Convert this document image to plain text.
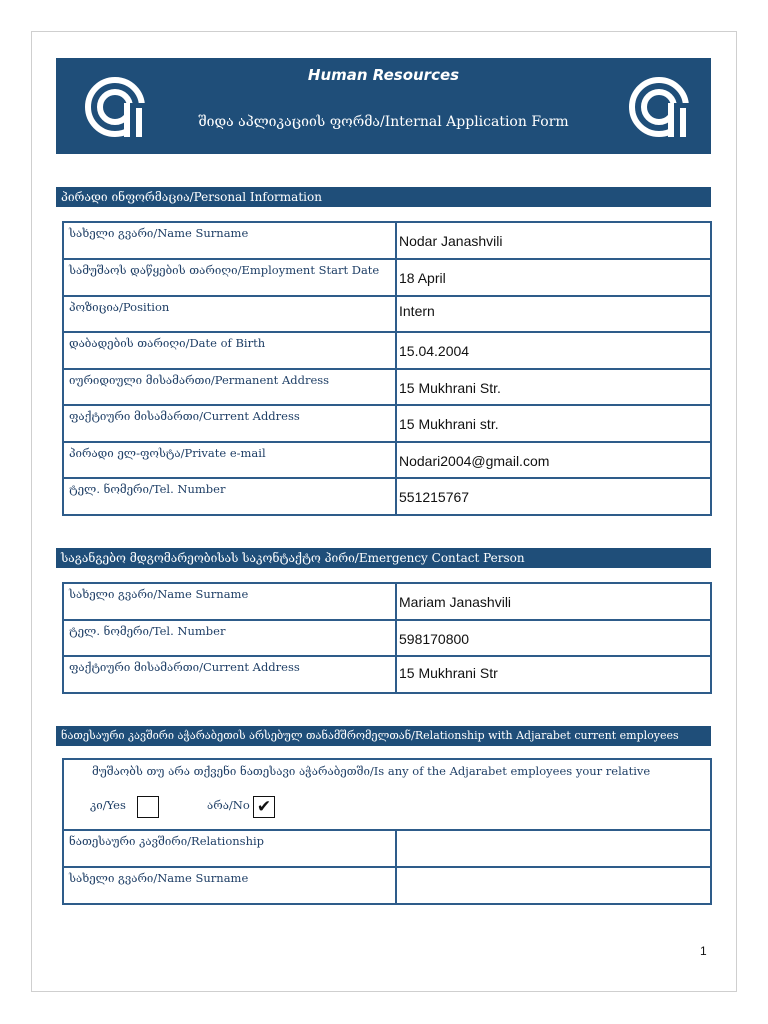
Human Resources
შიდა აპლიკაციის ფორმა/Internal Application Form
პირადი ინფორმაცია/Personal Information
სახელი გვარი/Name Surname	Nodar Janashvili
სამუშაოს დაწყების თარიღი/Employment Start Date	18 April
პოზიცია/Position	Intern
დაბადების თარიღი/Date of Birth	15.04.2004
იურიდიული მისამართი/Permanent Address	15 Mukhrani Str.
ფაქტიური მისამართი/Current Address	15 Mukhrani str.
პირადი ელ-ფოსტა/Private e-mail	Nodari2004@gmail.com
ტელ. ნომერი/Tel. Number	551215767
საგანგებო მდგომარეობისას საკონტაქტო პირი/Emergency Contact Person
სახელი გვარი/Name Surname	Mariam Janashvili
ტელ. ნომერი/Tel. Number	598170800
ფაქტიური მისამართი/Current Address	15 Mukhrani Str
ნათესაური კავშირი აჭარაბეთის არსებულ თანამშრომელთან/Relationship with Adjarabet current employees
მუშაობს თუ არა თქვენი ნათესავი აჭარაბეთში/Is any of the Adjarabet employees your relative
კი/Yes	არა/No ✔
ნათესაური კავშირი/Relationship	
სახელი გვარი/Name Surname	
1
